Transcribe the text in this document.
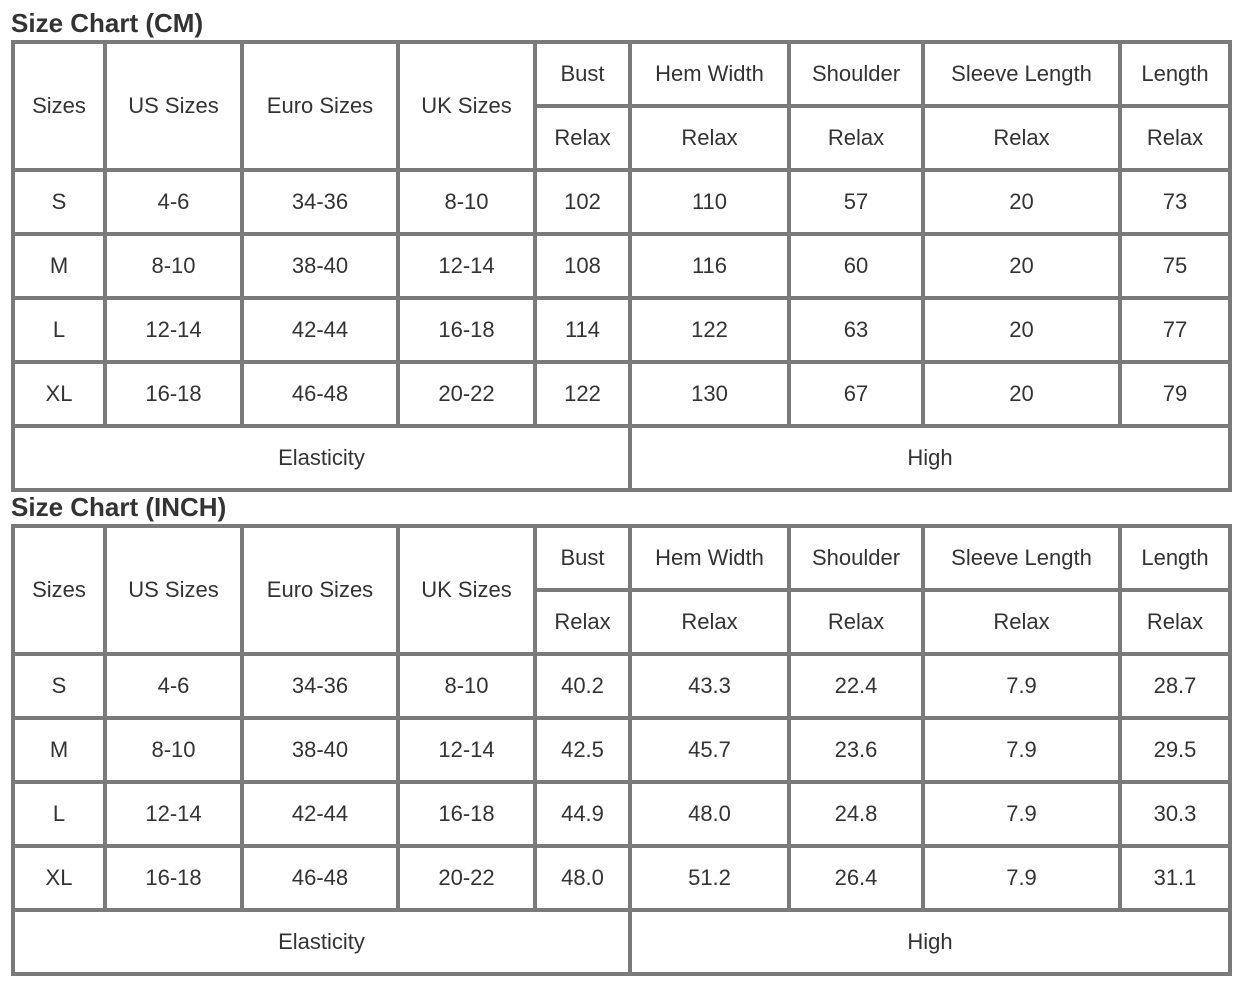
Size Chart (CM)
Sizes	US Sizes	Euro Sizes	UK Sizes	Bust	Hem Width	Shoulder	Sleeve Length	Length
				Relax	Relax	Relax	Relax	Relax
S	4-6	34-36	8-10	102	110	57	20	73
M	8-10	38-40	12-14	108	116	60	20	75
L	12-14	42-44	16-18	114	122	63	20	77
XL	16-18	46-48	20-22	122	130	67	20	79
Elasticity					High			
Size Chart (INCH)
Sizes	US Sizes	Euro Sizes	UK Sizes	Bust	Hem Width	Shoulder	Sleeve Length	Length
				Relax	Relax	Relax	Relax	Relax
S	4-6	34-36	8-10	40.2	43.3	22.4	7.9	28.7
M	8-10	38-40	12-14	42.5	45.7	23.6	7.9	29.5
L	12-14	42-44	16-18	44.9	48.0	24.8	7.9	30.3
XL	16-18	46-48	20-22	48.0	51.2	26.4	7.9	31.1
Elasticity					High			
